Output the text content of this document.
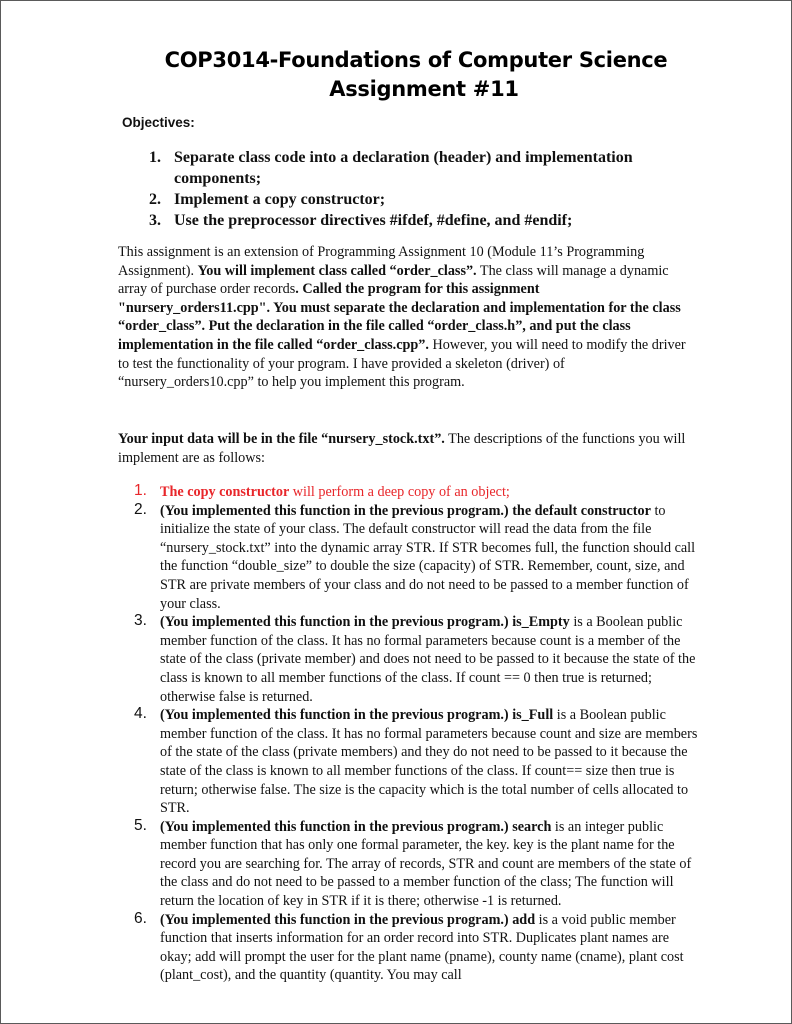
COP3014-Foundations of Computer Science
Assignment #11
Objectives:
1. Separate class code into a declaration (header) and implementation components;
2. Implement a copy constructor;
3. Use the preprocessor directives #ifdef, #define, and #endif;

This assignment is an extension of Programming Assignment 10 (Module 11’s Programming Assignment). You will implement class called “order_class”. The class will manage a dynamic array of purchase order records. Called the program for this assignment "nursery_orders11.cpp". You must separate the declaration and implementation for the class “order_class”. Put the declaration in the file called “order_class.h”, and put the class implementation in the file called “order_class.cpp”. However, you will need to modify the driver to test the functionality of your program. I have provided a skeleton (driver) of “nursery_orders10.cpp” to help you implement this program.

Your input data will be in the file “nursery_stock.txt”. The descriptions of the functions you will implement are as follows:

1. The copy constructor will perform a deep copy of an object;
2. (You implemented this function in the previous program.) the default constructor to initialize the state of your class. The default constructor will read the data from the file “nursery_stock.txt” into the dynamic array STR. If STR becomes full, the function should call the function “double_size” to double the size (capacity) of STR. Remember, count, size, and STR are private members of your class and do not need to be passed to a member function of your class.
3. (You implemented this function in the previous program.) is_Empty is a Boolean public member function of the class. It has no formal parameters because count is a member of the state of the class (private member) and does not need to be passed to it because the state of the class is known to all member functions of the class. If count == 0 then true is returned; otherwise false is returned.
4. (You implemented this function in the previous program.) is_Full is a Boolean public member function of the class. It has no formal parameters because count and size are members of the state of the class (private members) and they do not need to be passed to it because the state of the class is known to all member functions of the class. If count== size then true is return; otherwise false. The size is the capacity which is the total number of cells allocated to STR.
5. (You implemented this function in the previous program.) search is an integer public member function that has only one formal parameter, the key. key is the plant name for the record you are searching for. The array of records, STR and count are members of the state of the class and do not need to be passed to a member function of the class; The function will return the location of key in STR if it is there; otherwise -1 is returned.
6. (You implemented this function in the previous program.) add is a void public member function that inserts information for an order record into STR. Duplicates plant names are okay; add will prompt the user for the plant name (pname), county name (cname), plant cost (plant_cost), and the quantity (quantity. You may call
